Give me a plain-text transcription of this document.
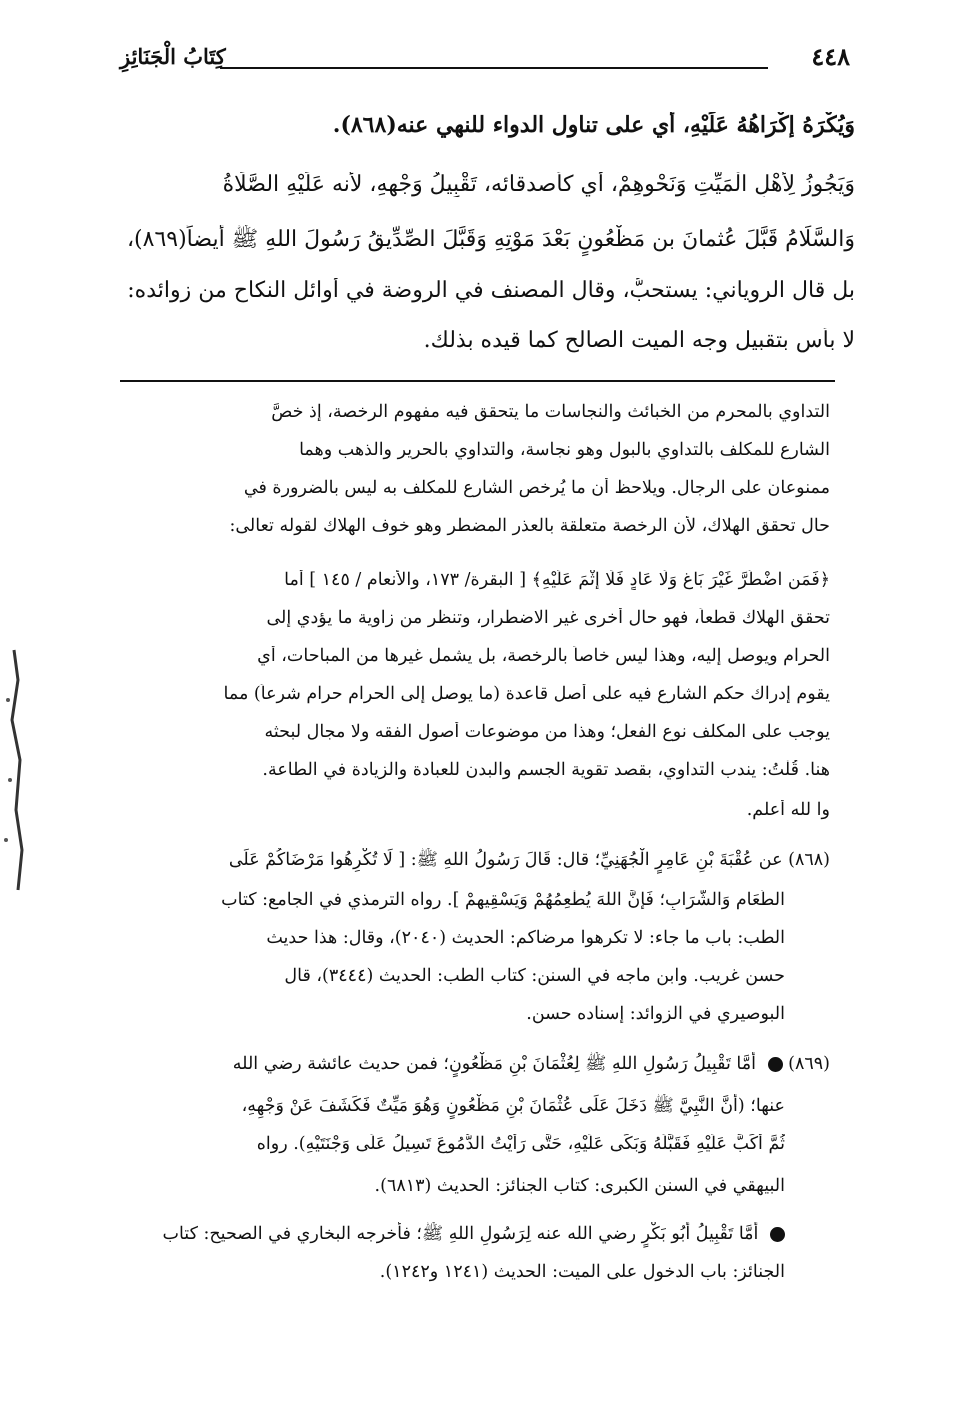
كِتَابُ الْجَنَائِزِ	٤٤٨
وَيُكْرَهُ إِكْرَاهُهُ عَلَيْهِ، أي على تناول الدواء للنهي عنه(٨٦٨).
وَيَجُوزُ لِأَهْلِ الْمَيِّتِ وَنَحْوِهِمْ، أي كأصدقائه، تَقْبِيلُ وَجْهِهِ، لأنه عَلَيْهِ الصَّلَاةُ
وَالسَّلَامُ قَبَّلَ عُثمانَ بن مَظْعُونٍ بَعْدَ مَوْتِهِ وَقَبَّلَ الصِّدِّيقُ رَسُولَ اللهِ ﷺ أيضاً(٨٦٩)،
بل قال الروياني: يستحبُّ، وقال المصنف في الروضة في أوائل النكاح من زوائده:
لا بأس بتقبيل وجه الميت الصالح كما قيده بذلك.
التداوي بالمحرم من الخبائث والنجاسات ما يتحقق فيه مفهوم الرخصة، إذ خصَّ
الشارع للمكلف بالتداوي بالبول وهو نجاسة، والتداوي بالحرير والذهب وهما
ممنوعان على الرجال. ويلاحظ أن ما يُرخص الشارع للمكلف به ليس بالضرورة في
حال تحقق الهلاك، لأن الرخصة متعلقة بالعذر المضطر وهو خوف الهلاك لقوله تعالى:
﴿فَمَنِ اضْطُرَّ غَيْرَ بَاغٍ وَلَا عَادٍ فَلَا إِثْمَ عَلَيْهِ﴾ [ البقرة/ ١٧٣، والأنعام / ١٤٥ ] أما
تحقق الهلاك قطعاً، فهو حال أخرى غير الاضطرار، وتنظر من زاوية ما يؤدي إلى
الحرام ويوصل إليه، وهذا ليس خاصاً بالرخصة، بل يشمل غيرها من المباحات، أي
يقوم إدراك حكم الشارع فيه على أصل قاعدة (ما يوصل إلى الحرام حرام شرعاً) مما
يوجب على المكلف نوع الفعل؛ وهذا من موضوعات أصول الفقه ولا مجال لبحثه
هنا. قُلْتُ: يندب التداوي، بقصد تقوية الجسم والبدن للعبادة والزيادة في الطاعة.
وا لله أعلم.
(٨٦٨) عن عُقْبَةَ بْنِ عَامِرٍ الْجُهَنِيِّ؛ قال: قَالَ رَسُولُ اللهِ ﷺ: [ لَا تُكْرِهُوا مَرْضَاكُمْ عَلَى
الطَّعَامِ وَالشَّرَابِ؛ فَإِنَّ اللهَ يُطْعِمُهُمْ وَيَسْقِيهِمْ ]. رواه الترمذي في الجامع: كتاب
الطب: باب ما جاء: لا تكرهوا مرضاكم: الحديث (٢٠٤٠)، وقال: هذا حديث
حسن غريب. وابن ماجه في السنن: كتاب الطب: الحديث (٣٤٤٤)، قال
البوصيري في الزوائد: إسناده حسن.
(٨٦٩)  أَمَّا تَقْبِيلُ رَسُولِ اللهِ ﷺ لِعُثْمَانَ بْنِ مَظْعُونٍ؛ فمن حديث عائشة رضي الله
عنها؛ (أَنَّ النَّبِيَّ ﷺ دَخَلَ عَلَى عُثْمَانَ بْنِ مَظْعُونٍ وَهُوَ مَيِّتٌ فَكَشَفَ عَنْ وَجْهِهِ،
ثُمَّ أَكَبَّ عَلَيْهِ فَقَبَّلَهُ وَبَكَى عَلَيْهِ، حَتَّى رَأَيْتُ الدُّمُوعَ تَسِيلُ عَلَى وَجْنَتَيْهِ). رواه
البيهقي في السنن الكبرى: كتاب الجنائز: الحديث (٦٨١٣).
أَمَّا تَقْبِيلُ أَبُو بَكْرٍ رضي الله عنه لِرَسُولِ اللهِ ﷺ؛ فأخرجه البخاري في الصحيح: كتاب
الجنائز: باب الدخول على الميت: الحديث (١٢٤١ و١٢٤٢).
